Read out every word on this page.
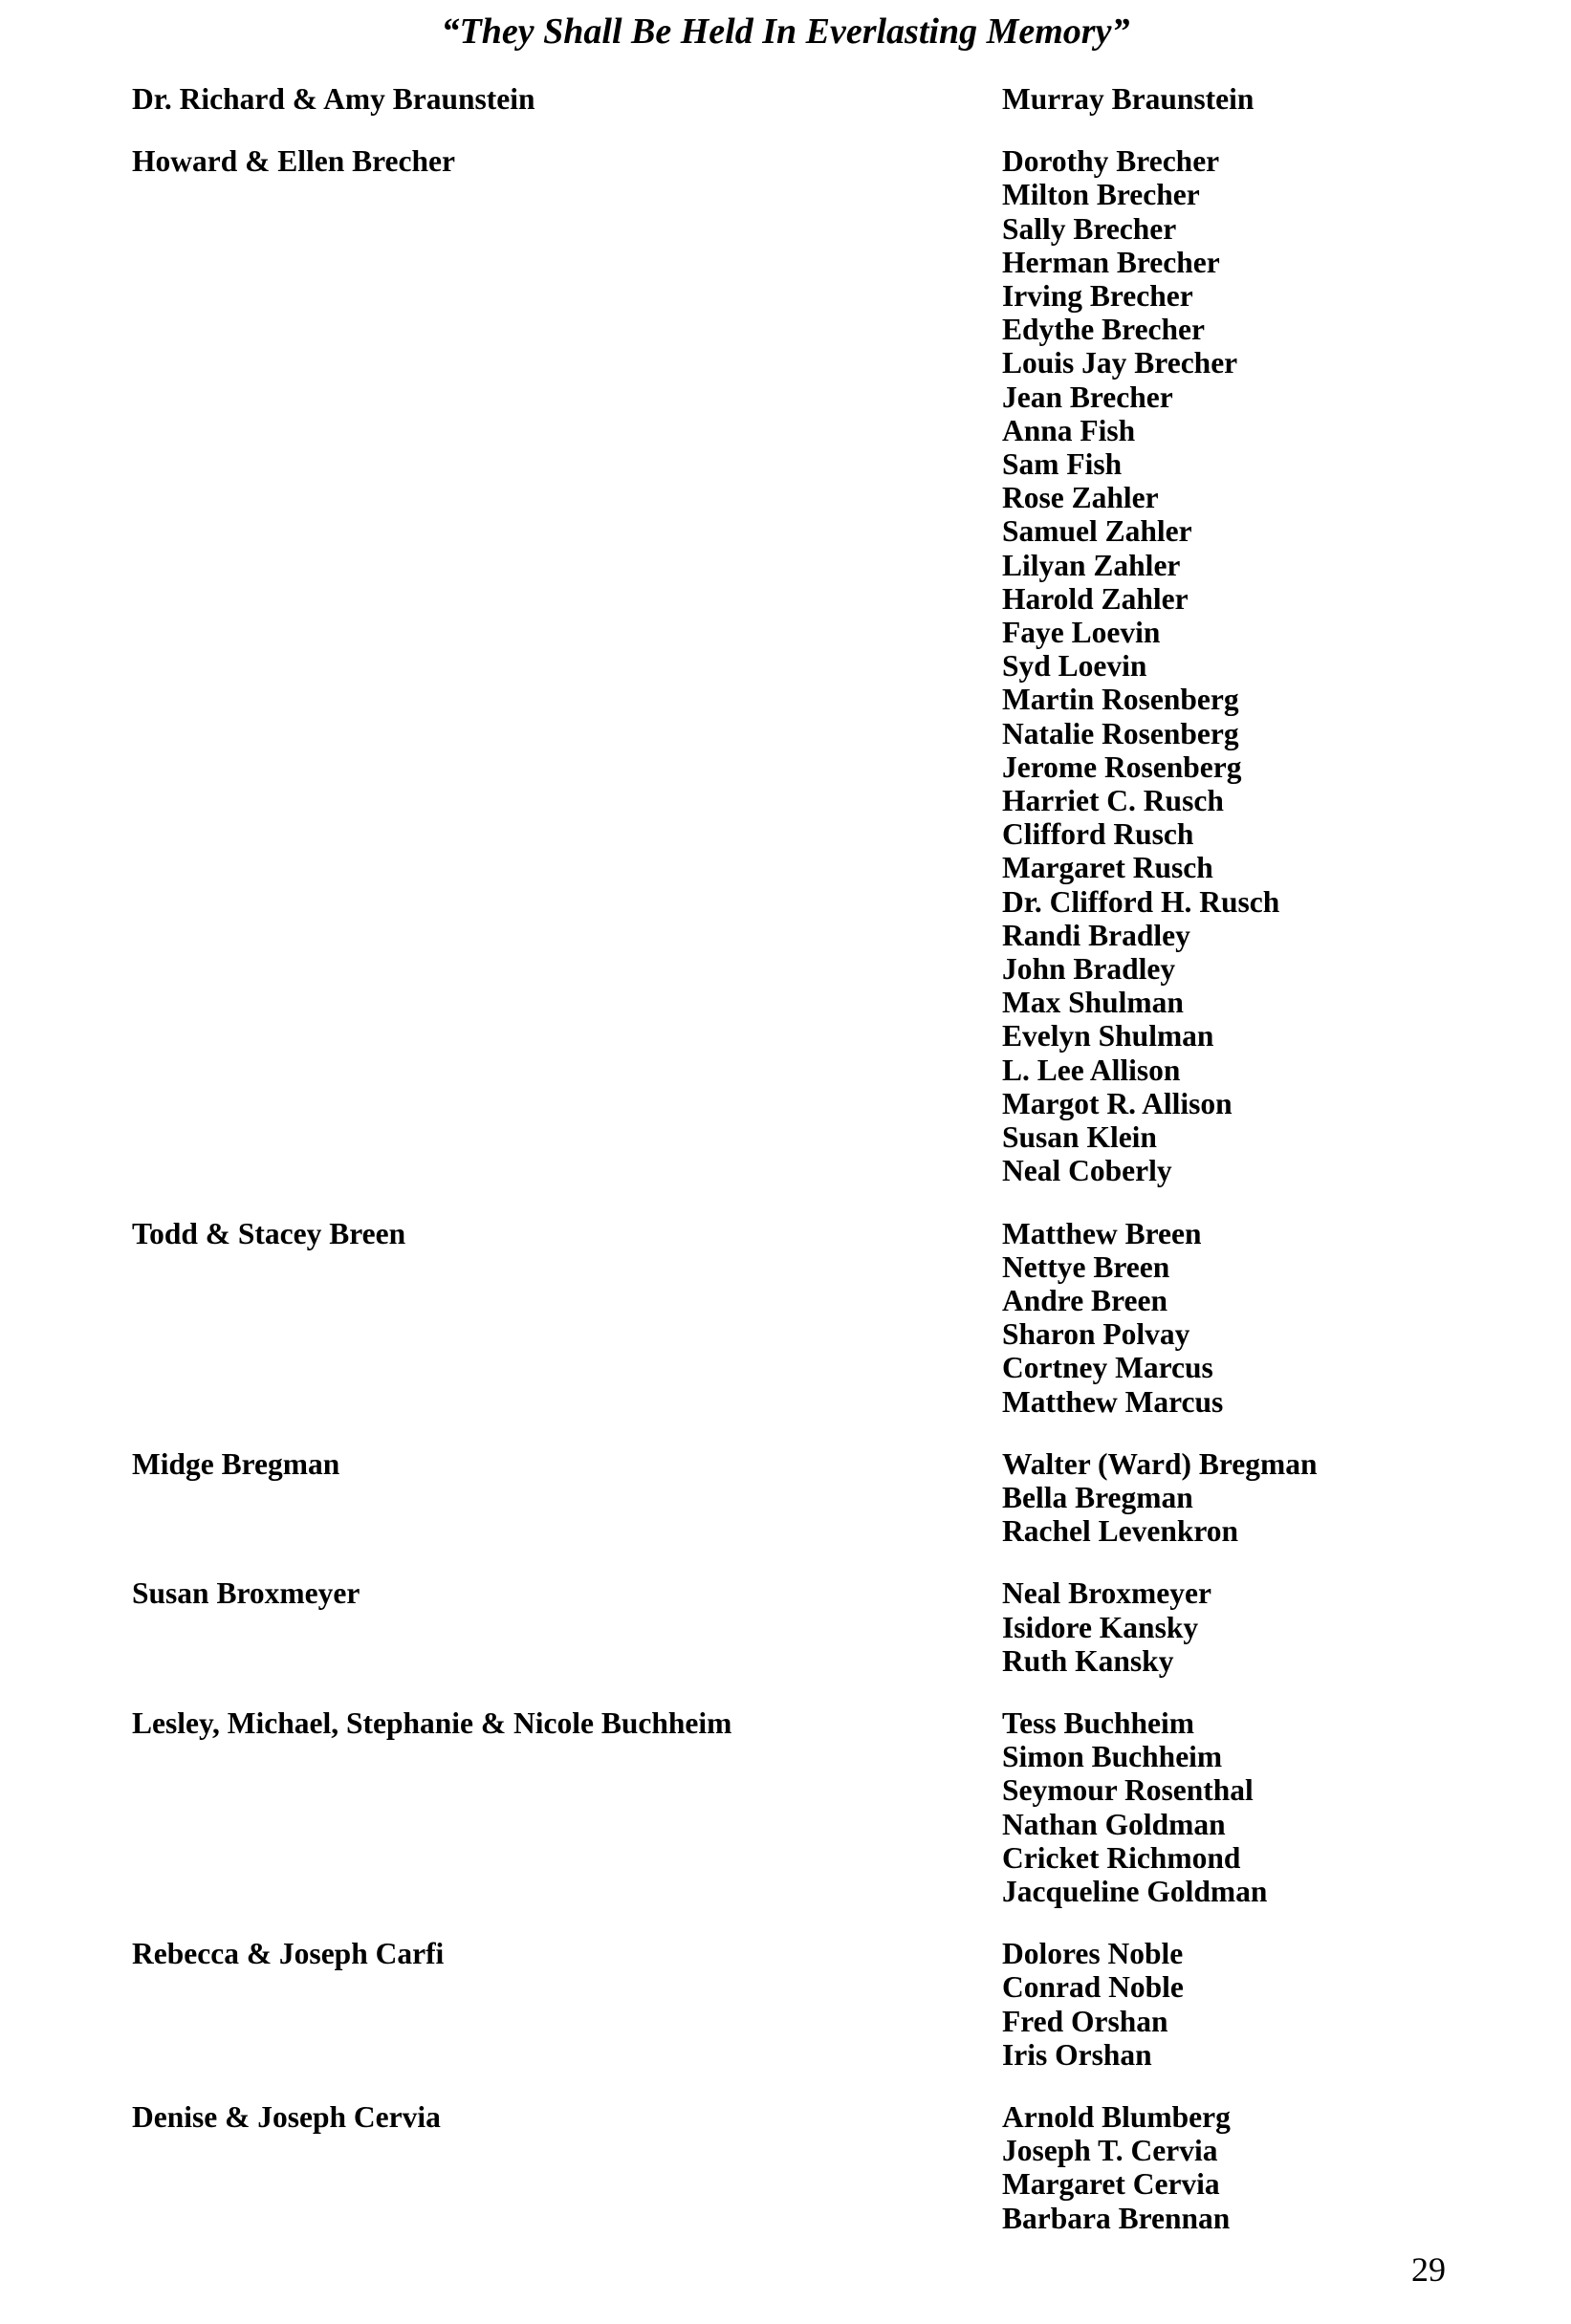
“They Shall Be Held In Everlasting Memory”
Dr. Richard & Amy Braunstein	Murray Braunstein
Howard & Ellen Brecher	Dorothy Brecher
Milton Brecher
Sally Brecher
Herman Brecher
Irving Brecher
Edythe Brecher
Louis Jay Brecher
Jean Brecher
Anna Fish
Sam Fish
Rose Zahler
Samuel Zahler
Lilyan Zahler
Harold Zahler
Faye Loevin
Syd Loevin
Martin Rosenberg
Natalie Rosenberg
Jerome Rosenberg
Harriet C. Rusch
Clifford Rusch
Margaret Rusch
Dr. Clifford H. Rusch
Randi Bradley
John Bradley
Max Shulman
Evelyn Shulman
L. Lee Allison
Margot R. Allison
Susan Klein
Neal Coberly
Todd & Stacey Breen	Matthew Breen
Nettye Breen
Andre Breen
Sharon Polvay
Cortney Marcus
Matthew Marcus
Midge Bregman	Walter (Ward) Bregman
Bella Bregman
Rachel Levenkron
Susan Broxmeyer	Neal Broxmeyer
Isidore Kansky
Ruth Kansky
Lesley, Michael, Stephanie & Nicole Buchheim	Tess Buchheim
Simon Buchheim
Seymour Rosenthal
Nathan Goldman
Cricket Richmond
Jacqueline Goldman
Rebecca & Joseph Carfi	Dolores Noble
Conrad Noble
Fred Orshan
Iris Orshan
Denise & Joseph Cervia	Arnold Blumberg
Joseph T. Cervia
Margaret Cervia
Barbara Brennan
29
